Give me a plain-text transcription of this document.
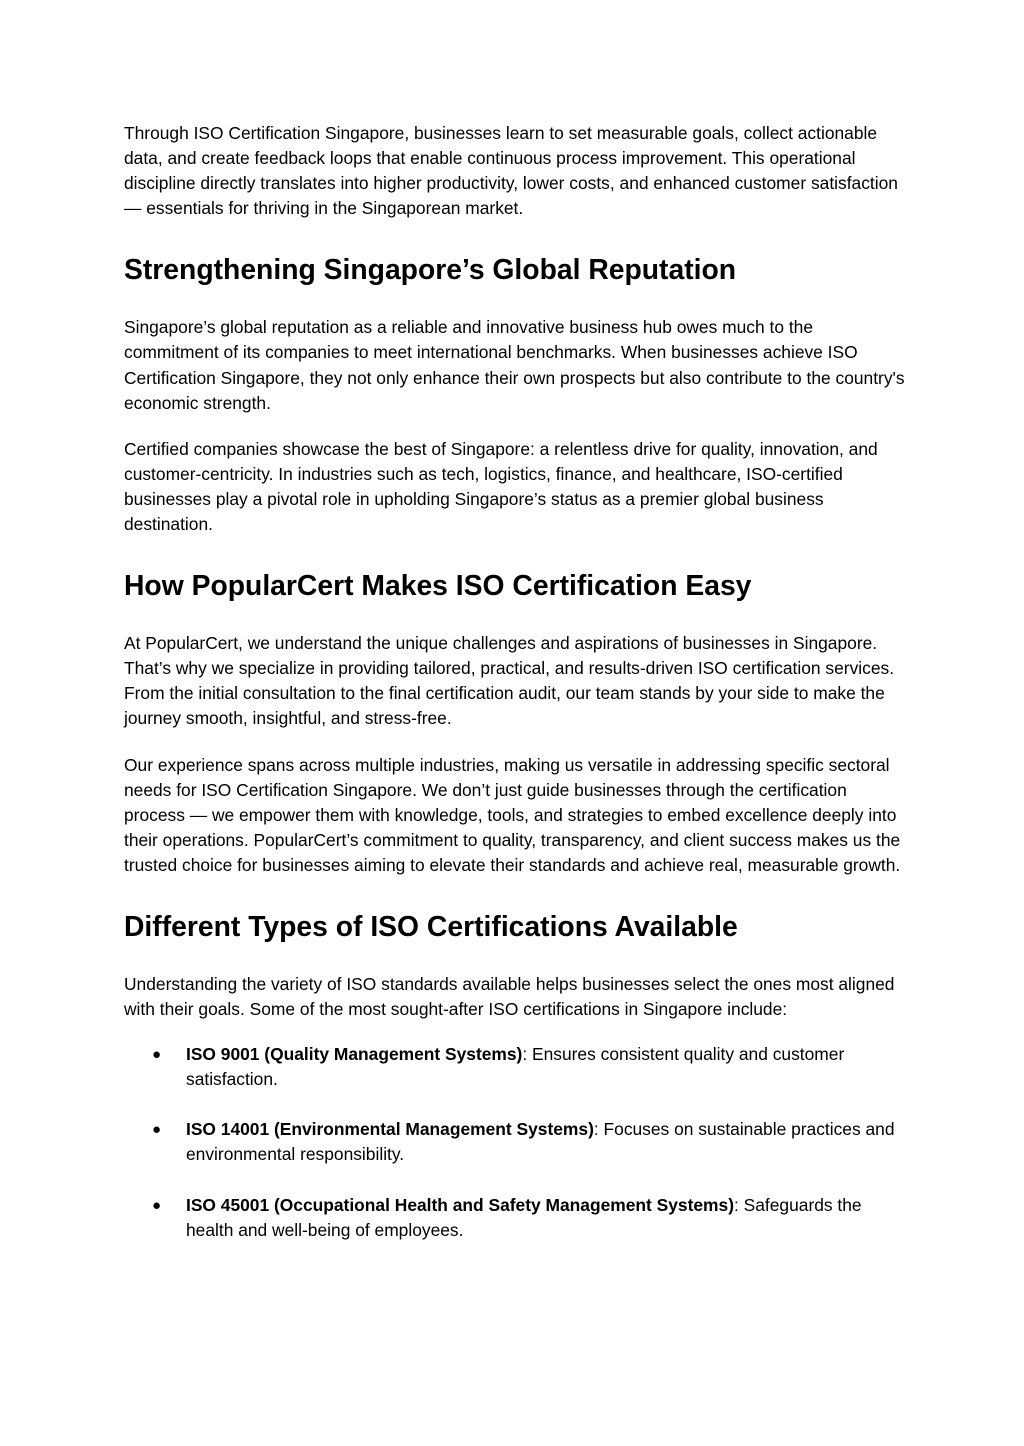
Through ISO Certification Singapore, businesses learn to set measurable goals, collect actionable data, and create feedback loops that enable continuous process improvement. This operational discipline directly translates into higher productivity, lower costs, and enhanced customer satisfaction — essentials for thriving in the Singaporean market.

Strengthening Singapore’s Global Reputation

Singapore’s global reputation as a reliable and innovative business hub owes much to the commitment of its companies to meet international benchmarks. When businesses achieve ISO Certification Singapore, they not only enhance their own prospects but also contribute to the country's economic strength.

Certified companies showcase the best of Singapore: a relentless drive for quality, innovation, and customer-centricity. In industries such as tech, logistics, finance, and healthcare, ISO-certified businesses play a pivotal role in upholding Singapore’s status as a premier global business destination.

How PopularCert Makes ISO Certification Easy

At PopularCert, we understand the unique challenges and aspirations of businesses in Singapore. That’s why we specialize in providing tailored, practical, and results-driven ISO certification services. From the initial consultation to the final certification audit, our team stands by your side to make the journey smooth, insightful, and stress-free.

Our experience spans across multiple industries, making us versatile in addressing specific sectoral needs for ISO Certification Singapore. We don’t just guide businesses through the certification process — we empower them with knowledge, tools, and strategies to embed excellence deeply into their operations. PopularCert’s commitment to quality, transparency, and client success makes us the trusted choice for businesses aiming to elevate their standards and achieve real, measurable growth.

Different Types of ISO Certifications Available

Understanding the variety of ISO standards available helps businesses select the ones most aligned with their goals. Some of the most sought-after ISO certifications in Singapore include:

● ISO 9001 (Quality Management Systems): Ensures consistent quality and customer satisfaction.
● ISO 14001 (Environmental Management Systems): Focuses on sustainable practices and environmental responsibility.
● ISO 45001 (Occupational Health and Safety Management Systems): Safeguards the health and well-being of employees.
